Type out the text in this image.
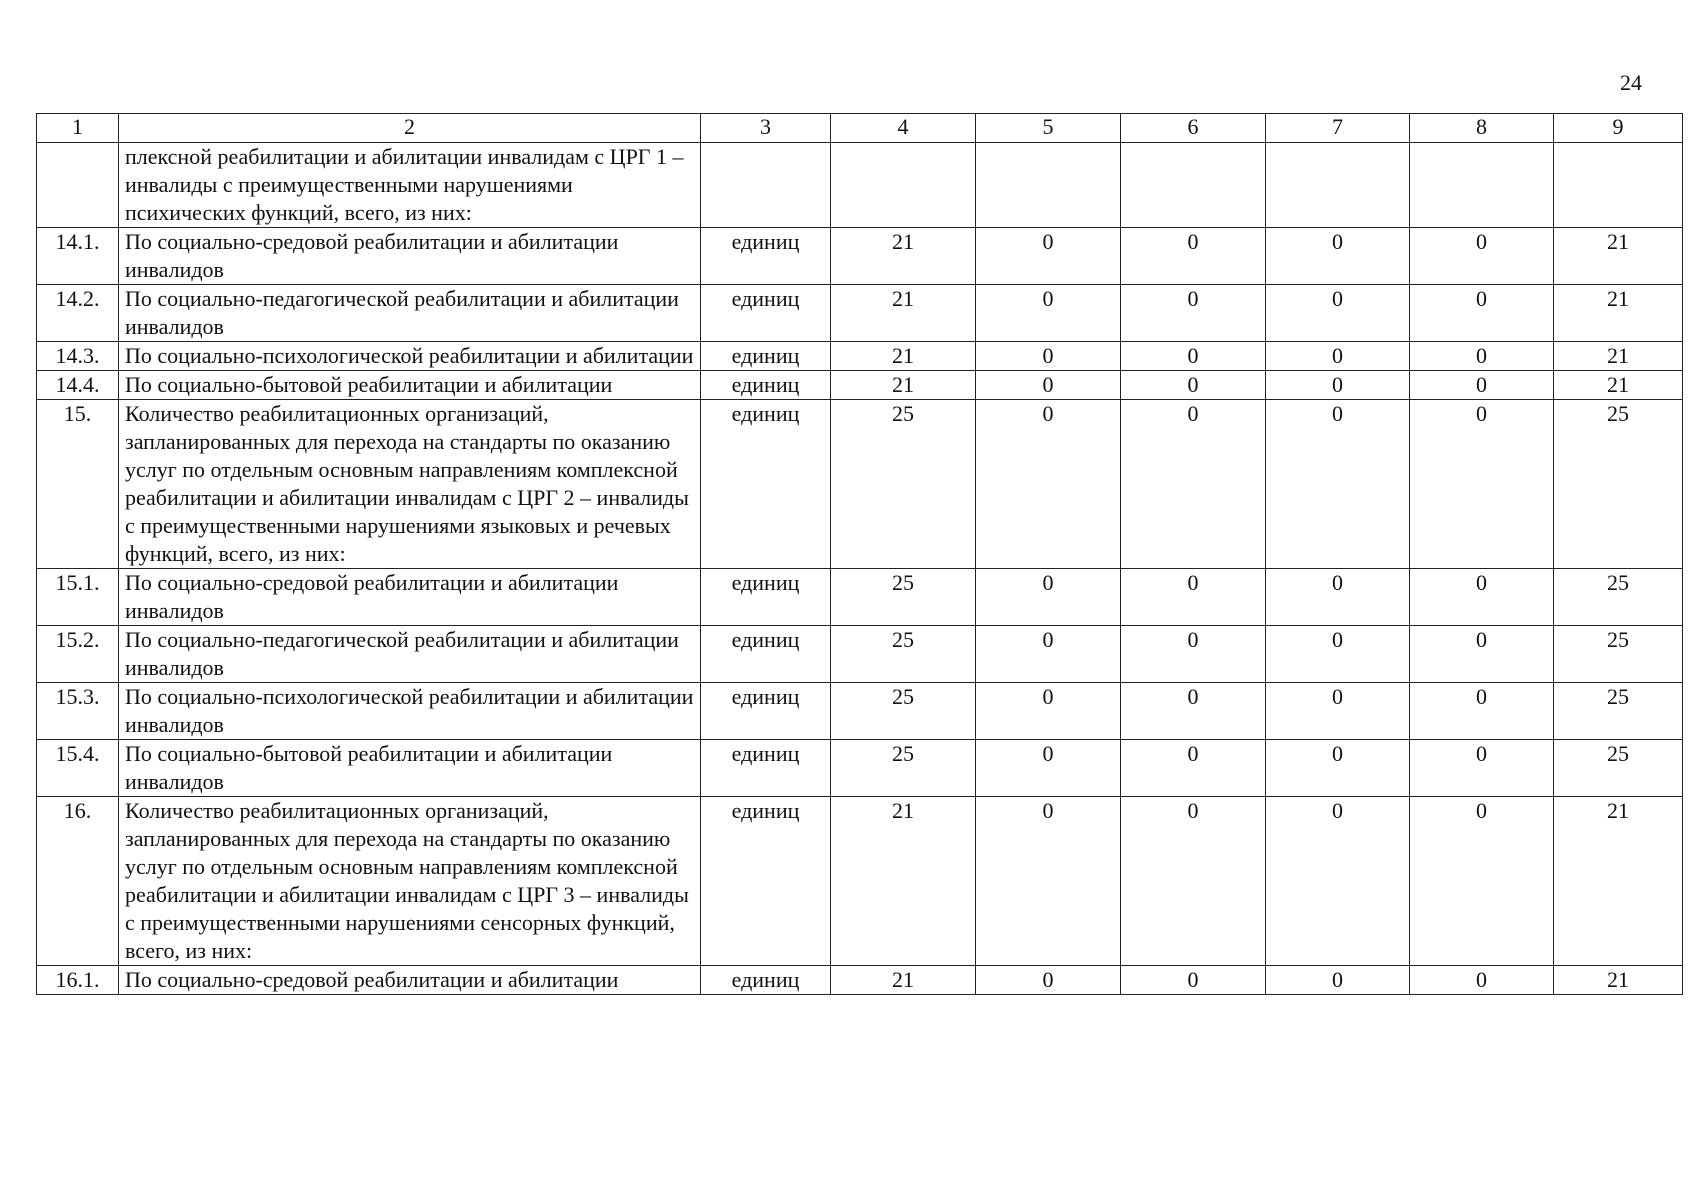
24
1	2	3	4	5	6	7	8	9
	плексной реабилитации и абилитации инвалидам с ЦРГ 1 – инвалиды с преимущественными нарушениями психических функций, всего, из них:							
14.1.	По социально-средовой реабилитации и абилитации инвалидов	единиц	21	0	0	0	0	21
14.2.	По социально-педагогической реабилитации и абилитации инвалидов	единиц	21	0	0	0	0	21
14.3.	По социально-психологической реабилитации и абилитации	единиц	21	0	0	0	0	21
14.4.	По социально-бытовой реабилитации и абилитации	единиц	21	0	0	0	0	21
15.	Количество реабилитационных организаций, запланированных для перехода на стандарты по оказанию услуг по отдельным основным направлениям комплексной реабилитации и абилитации инвалидам с ЦРГ 2 – инвалиды с преимущественными нарушениями языковых и речевых функций, всего, из них:	единиц	25	0	0	0	0	25
15.1.	По социально-средовой реабилитации и абилитации инвалидов	единиц	25	0	0	0	0	25
15.2.	По социально-педагогической реабилитации и абилитации инвалидов	единиц	25	0	0	0	0	25
15.3.	По социально-психологической реабилитации и абилитации инвалидов	единиц	25	0	0	0	0	25
15.4.	По социально-бытовой реабилитации и абилитации инвалидов	единиц	25	0	0	0	0	25
16.	Количество реабилитационных организаций, запланированных для перехода на стандарты по оказанию услуг по отдельным основным направлениям комплексной реабилитации и абилитации инвалидам с ЦРГ 3 – инвалиды с преимущественными нарушениями сенсорных функций, всего, из них:	единиц	21	0	0	0	0	21
16.1.	По социально-средовой реабилитации и абилитации	единиц	21	0	0	0	0	21
